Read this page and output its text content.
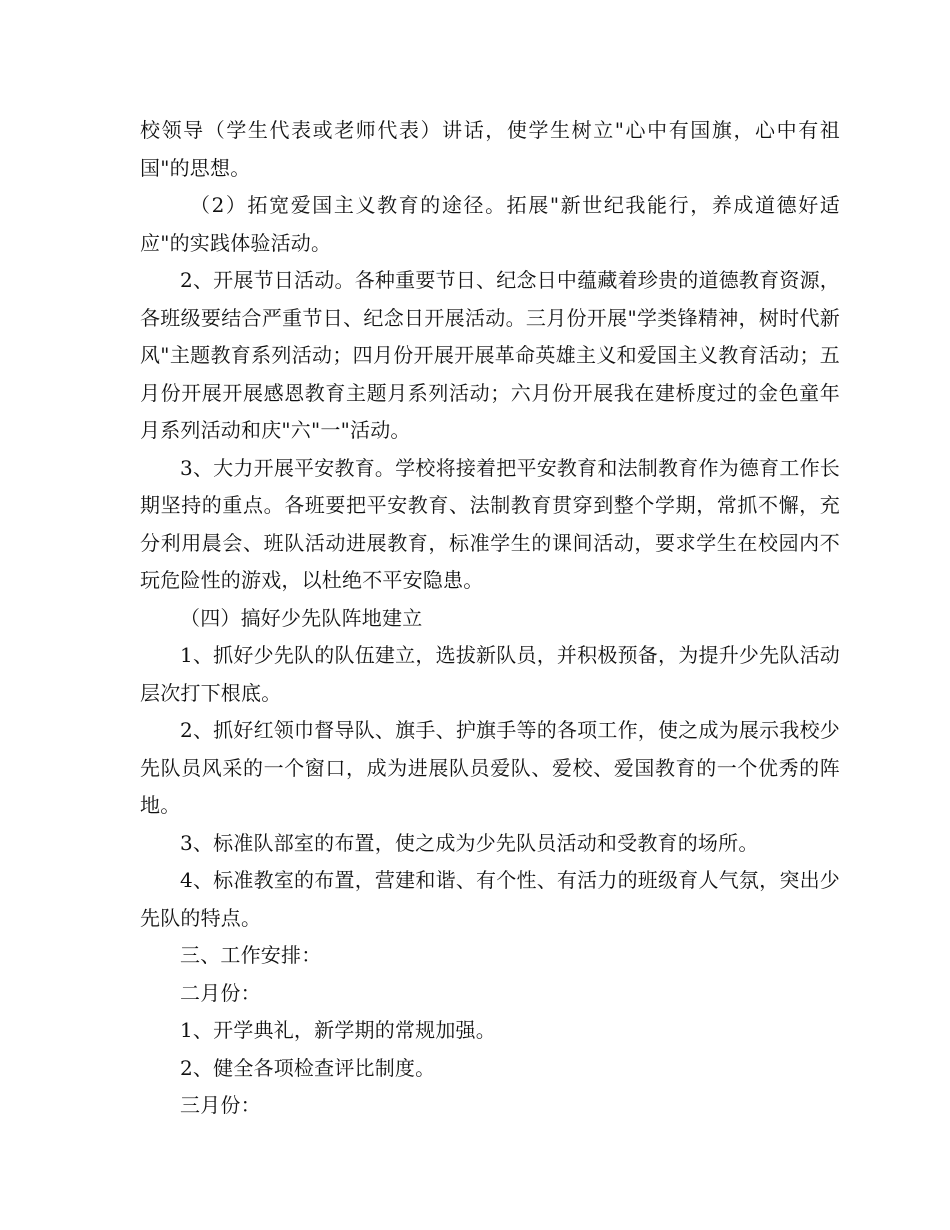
校领导（学生代表或老师代表）讲话，使学生树立"心中有国旗，心中有祖国"的思想。

（2）拓宽爱国主义教育的途径。拓展"新世纪我能行，养成道德好适应"的实践体验活动。

2、开展节日活动。各种重要节日、纪念日中蕴藏着珍贵的道德教育资源，各班级要结合严重节日、纪念日开展活动。三月份开展"学类锋精神，树时代新风"主题教育系列活动；四月份开展开展革命英雄主义和爱国主义教育活动；五月份开展开展感恩教育主题月系列活动；六月份开展我在建桥度过的金色童年月系列活动和庆"六"一"活动。

3、大力开展平安教育。学校将接着把平安教育和法制教育作为德育工作长期坚持的重点。各班要把平安教育、法制教育贯穿到整个学期，常抓不懈，充分利用晨会、班队活动进展教育，标准学生的课间活动，要求学生在校园内不玩危险性的游戏，以杜绝不平安隐患。

（四）搞好少先队阵地建立

1、抓好少先队的队伍建立，选拔新队员，并积极预备，为提升少先队活动层次打下根底。

2、抓好红领巾督导队、旗手、护旗手等的各项工作，使之成为展示我校少先队员风采的一个窗口，成为进展队员爱队、爱校、爱国教育的一个优秀的阵地。

3、标准队部室的布置，使之成为少先队员活动和受教育的场所。

4、标准教室的布置，营建和谐、有个性、有活力的班级育人气氛，突出少先队的特点。

三、工作安排：

二月份：

1、开学典礼，新学期的常规加强。

2、健全各项检查评比制度。

三月份：
